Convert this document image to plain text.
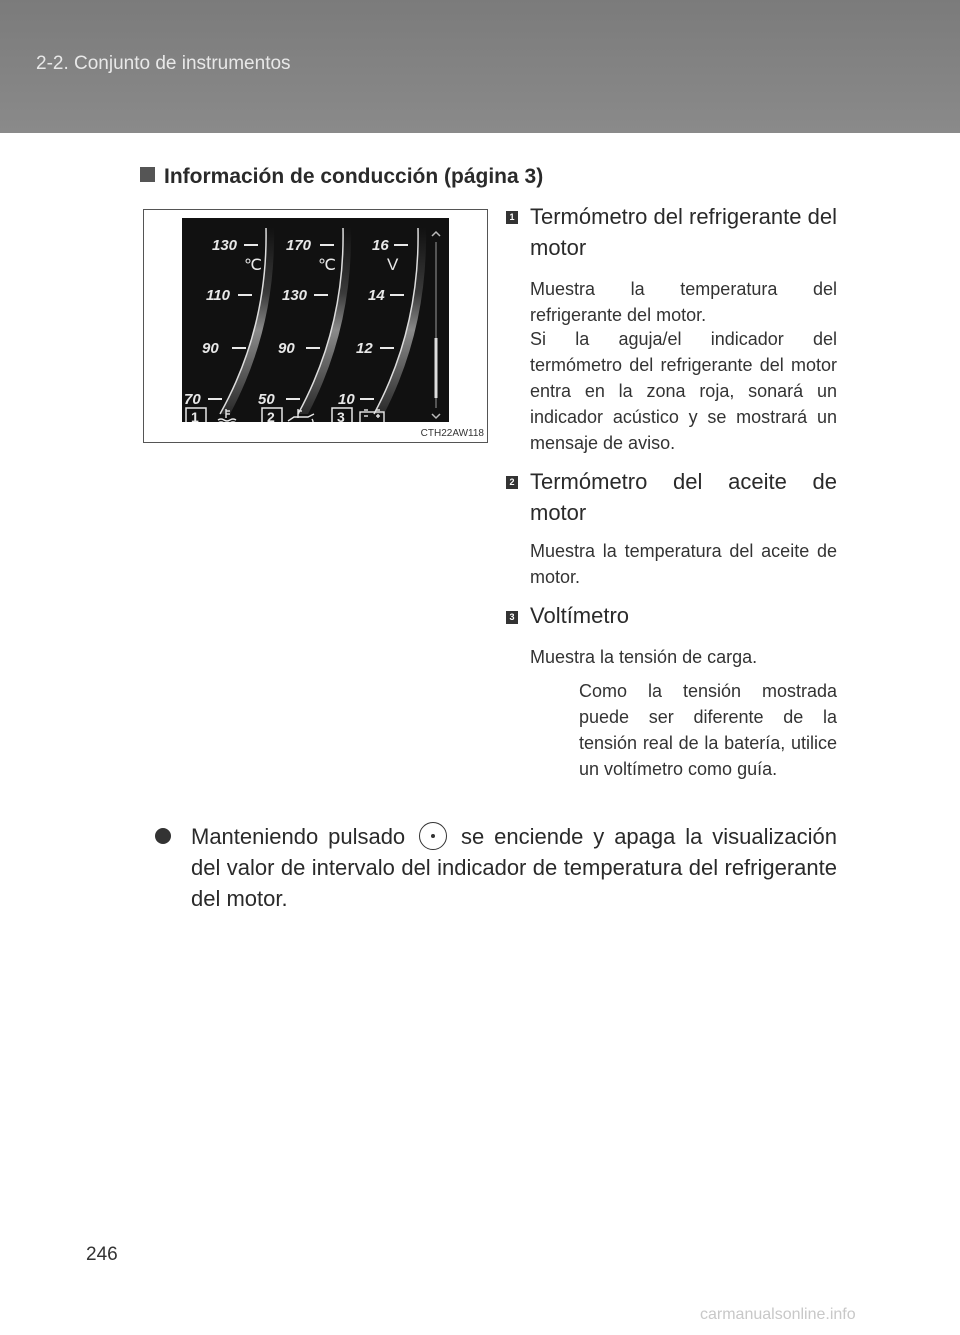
2-2. Conjunto de instrumentos
Información de conducción (página 3)
130
110
90
70
℃
170
130
90
50
℃
16
14
12
10
V
1	2	3
CTH22AW118
1 Termómetro del refrigerante del motor
Muestra la temperatura del refrigerante del motor.
Si la aguja/el indicador del termómetro del refrigerante del motor entra en la zona roja, sonará un indicador acústico y se mostrará un mensaje de aviso.
2 Termómetro del aceite de motor
Muestra la temperatura del aceite de motor.
3 Voltímetro
Muestra la tensión de carga.
Como la tensión mostrada puede ser diferente de la tensión real de la batería, utilice un voltímetro como guía.
Manteniendo pulsado	se enciende y apaga la visualización del valor de intervalo del indicador de temperatura del refrigerante del motor.
246
carmanualsonline.info
